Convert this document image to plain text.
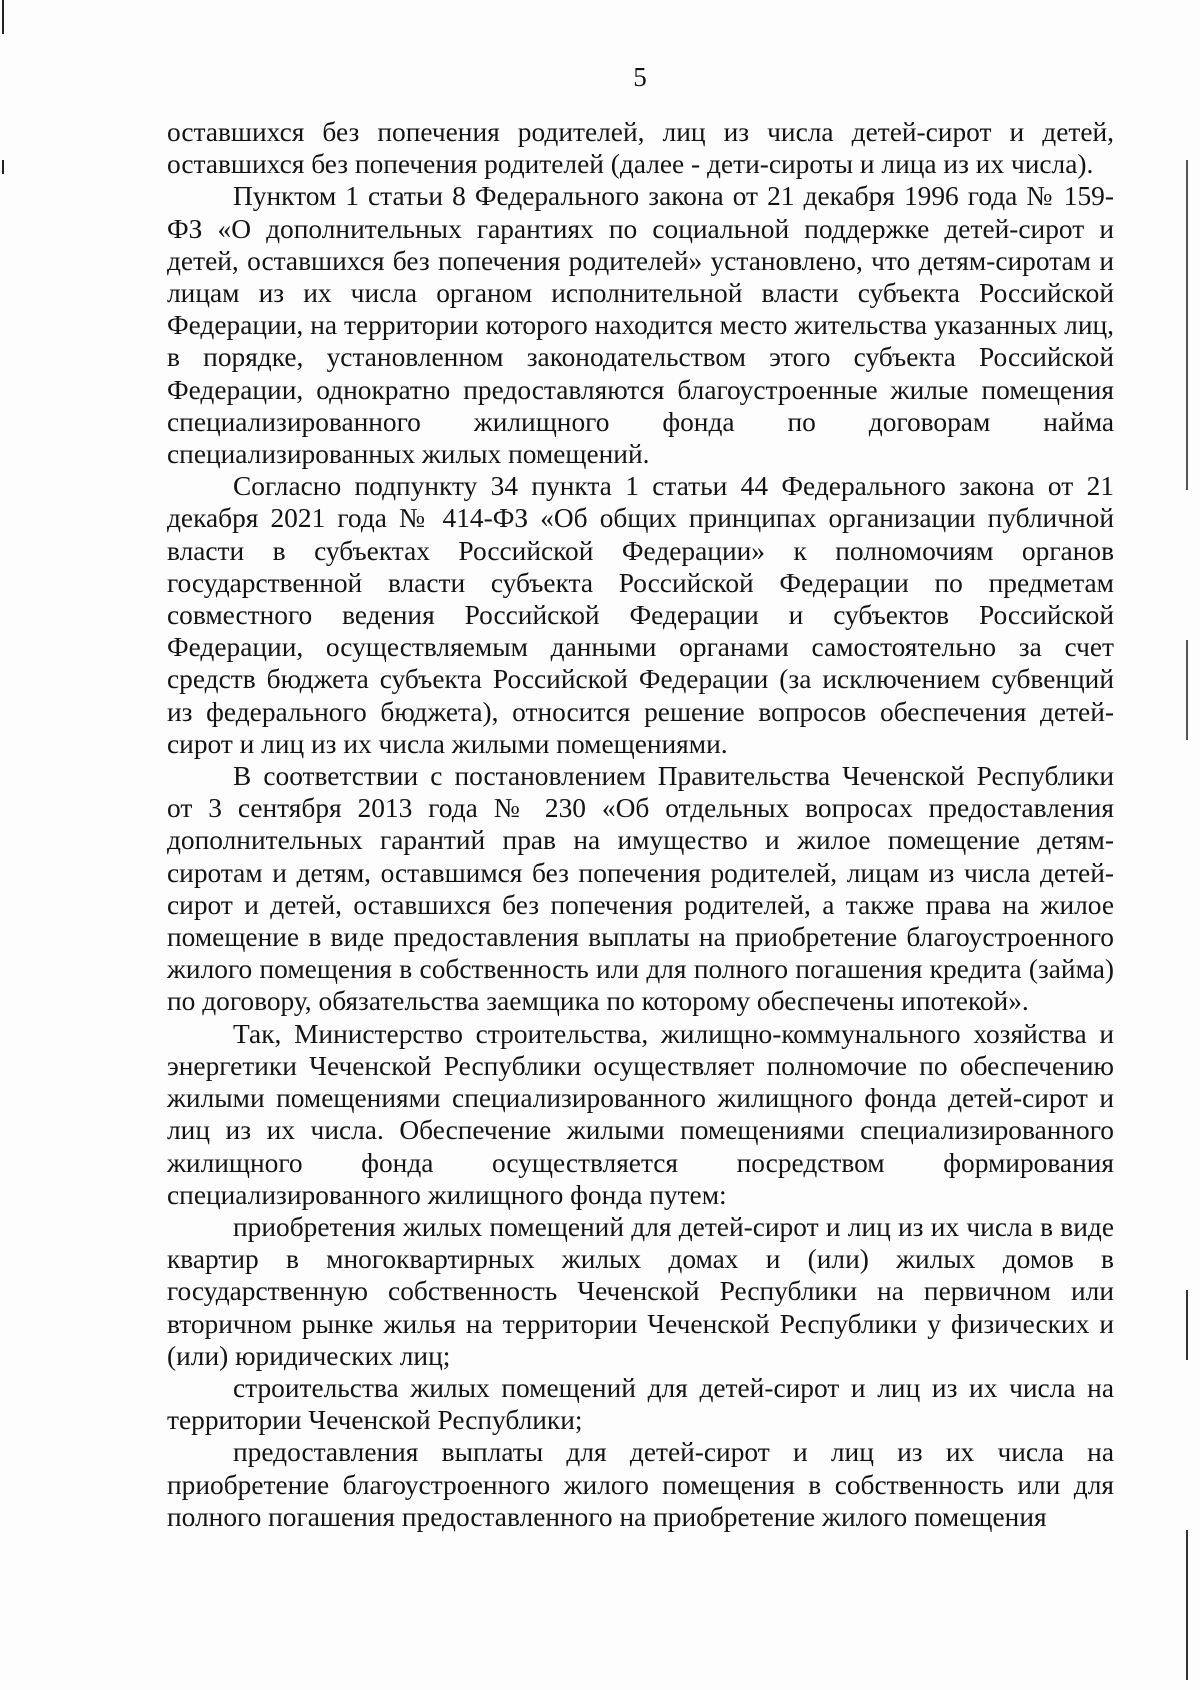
5

оставшихся без попечения родителей, лиц из числа детей-сирот и детей, оставшихся без попечения родителей (далее - дети-сироты и лица из их числа).

Пунктом 1 статьи 8 Федерального закона от 21 декабря 1996 года № 159-ФЗ «О дополнительных гарантиях по социальной поддержке детей-сирот и детей, оставшихся без попечения родителей» установлено, что детям-сиротам и лицам из их числа органом исполнительной власти субъекта Российской Федерации, на территории которого находится место жительства указанных лиц, в порядке, установленном законодательством этого субъекта Российской Федерации, однократно предоставляются благоустроенные жилые помещения специализированного жилищного фонда по договорам найма специализированных жилых помещений.

Согласно подпункту 34 пункта 1 статьи 44 Федерального закона от 21 декабря 2021 года № 414-ФЗ «Об общих принципах организации публичной власти в субъектах Российской Федерации» к полномочиям органов государственной власти субъекта Российской Федерации по предметам совместного ведения Российской Федерации и субъектов Российской Федерации, осуществляемым данными органами самостоятельно за счет средств бюджета субъекта Российской Федерации (за исключением субвенций из федерального бюджета), относится решение вопросов обеспечения детей-сирот и лиц из их числа жилыми помещениями.

В соответствии с постановлением Правительства Чеченской Республики от 3 сентября 2013 года № 230 «Об отдельных вопросах предоставления дополнительных гарантий прав на имущество и жилое помещение детям-сиротам и детям, оставшимся без попечения родителей, лицам из числа детей-сирот и детей, оставшихся без попечения родителей, а также права на жилое помещение в виде предоставления выплаты на приобретение благоустроенного жилого помещения в собственность или для полного погашения кредита (займа) по договору, обязательства заемщика по которому обеспечены ипотекой».

Так, Министерство строительства, жилищно-коммунального хозяйства и энергетики Чеченской Республики осуществляет полномочие по обеспечению жилыми помещениями специализированного жилищного фонда детей-сирот и лиц из их числа. Обеспечение жилыми помещениями специализированного жилищного фонда осуществляется посредством формирования специализированного жилищного фонда путем:

приобретения жилых помещений для детей-сирот и лиц из их числа в виде квартир в многоквартирных жилых домах и (или) жилых домов в государственную собственность Чеченской Республики на первичном или вторичном рынке жилья на территории Чеченской Республики у физических и (или) юридических лиц;

строительства жилых помещений для детей-сирот и лиц из их числа на территории Чеченской Республики;

предоставления выплаты для детей-сирот и лиц из их числа на приобретение благоустроенного жилого помещения в собственность или для полного погашения предоставленного на приобретение жилого помещения
